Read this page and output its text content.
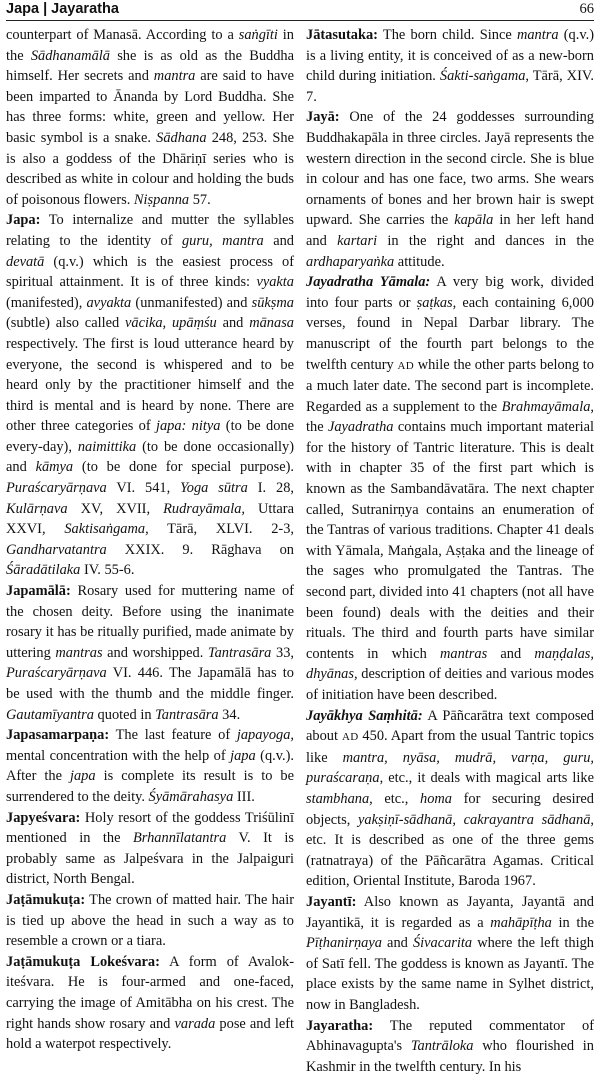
Japa | Jayaratha	66

counterpart of Manasā. According to a saṅgīti in the Sādhanamālā she is as old as the Buddha himself. Her secrets and mantra are said to have been imparted to Ānanda by Lord Buddha. She has three forms: white, green and yellow. Her basic symbol is a snake. Sādhana 248, 253. She is also a goddess of the Dhāriṇī series who is described as white in colour and holding the buds of poisonous flowers. Niṣpanna 57.

Japa: To internalize and mutter the syllables relating to the identity of guru, mantra and devatā (q.v.) which is the easiest process of spiritual attainment. It is of three kinds: vyakta (manifested), avyakta (unmanifested) and sūkṣma (subtle) also called vācika, upāṃśu and mānasa respectively. The first is loud utterance heard by everyone, the second is whispered and to be heard only by the practitioner himself and the third is mental and is heard by none. There are other three categories of japa: nitya (to be done every-day), naimittika (to be done occasionally) and kāmya (to be done for special purpose). Puraścaryārṇava VI. 541, Yoga sūtra I. 28, Kulārṇava XV, XVII, Rudrayāmala, Uttara XXVI, Saktisaṅgama, Tārā, XLVI. 2-3, Gandharvatantra XXIX. 9. Rāghava on Śāradātilaka IV. 55-6.

Japamālā: Rosary used for muttering name of the chosen deity. Before using the inanimate rosary it has be ritually purified, made animate by uttering mantras and worshipped. Tantrasāra 33, Puraścaryārṇava VI. 446. The Japamālā has to be used with the thumb and the middle finger. Gautamīyantra quoted in Tantrasāra 34.

Japasamarpaṇa: The last feature of japayoga, mental concentration with the help of japa (q.v.). After the japa is complete its result is to be surrendered to the deity. Śyāmārahasya III.

Japyeśvara: Holy resort of the goddess Triśūlinī mentioned in the Brhannīlatantra V. It is probably same as Jalpeśvara in the Jalpaiguri district, North Bengal.

Jaṭāmukuṭa: The crown of matted hair. The hair is tied up above the head in such a way as to resemble a crown or a tiara.

Jaṭāmukuṭa Lokeśvara: A form of Avalok-iteśvara. He is four-armed and one-faced, carrying the image of Amitābha on his crest. The right hands show rosary and varada pose and left hold a waterpot respectively.

Jātasutaka: The born child. Since mantra (q.v.) is a living entity, it is conceived of as a new-born child during initiation. Śakti-saṅgama, Tārā, XIV. 7.

Jayā: One of the 24 goddesses surrounding Buddhakapāla in three circles. Jayā represents the western direction in the second circle. She is blue in colour and has one face, two arms. She wears ornaments of bones and her brown hair is swept upward. She carries the kapāla in her left hand and kartari in the right and dances in the ardhaparyaṅka attitude.

Jayadratha Yāmala: A very big work, divided into four parts or ṣaṭkas, each containing 6,000 verses, found in Nepal Darbar library. The manuscript of the fourth part belongs to the twelfth century AD while the other parts belong to a much later date. The second part is incomplete. Regarded as a supplement to the Brahmayāmala, the Jayadratha contains much important material for the history of Tantric literature. This is dealt with in chapter 35 of the first part which is known as the Sambandāvatāra. The next chapter called, Sutranirṇya contains an enumeration of the Tantras of various traditions. Chapter 41 deals with Yāmala, Maṅgala, Aṣṭaka and the lineage of the sages who promulgated the Tantras. The second part, divided into 41 chapters (not all have been found) deals with the deities and their rituals. The third and fourth parts have similar contents in which mantras and maṇḍalas, dhyānas, description of deities and various modes of initiation have been described.

Jayākhya Saṃhitā: A Pāñcarātra text composed about AD 450. Apart from the usual Tantric topics like mantra, nyāsa, mudrā, varṇa, guru, puraścaraṇa, etc., it deals with magical arts like stambhana, etc., homa for securing desired objects, yakṣiṇī-sādhanā, cakrayantra sādhanā, etc. It is described as one of the three gems (ratnatraya) of the Pāñcarātra Agamas. Critical edition, Oriental Institute, Baroda 1967.

Jayantī: Also known as Jayanta, Jayantā and Jayantikā, it is regarded as a mahāpīṭha in the Pīṭhanirṇaya and Śivacarita where the left thigh of Satī fell. The goddess is known as Jayantī. The place exists by the same name in Sylhet district, now in Bangladesh.

Jayaratha: The reputed commentator of Abhinavagupta's Tantrāloka who flourished in Kashmir in the twelfth century. In his
